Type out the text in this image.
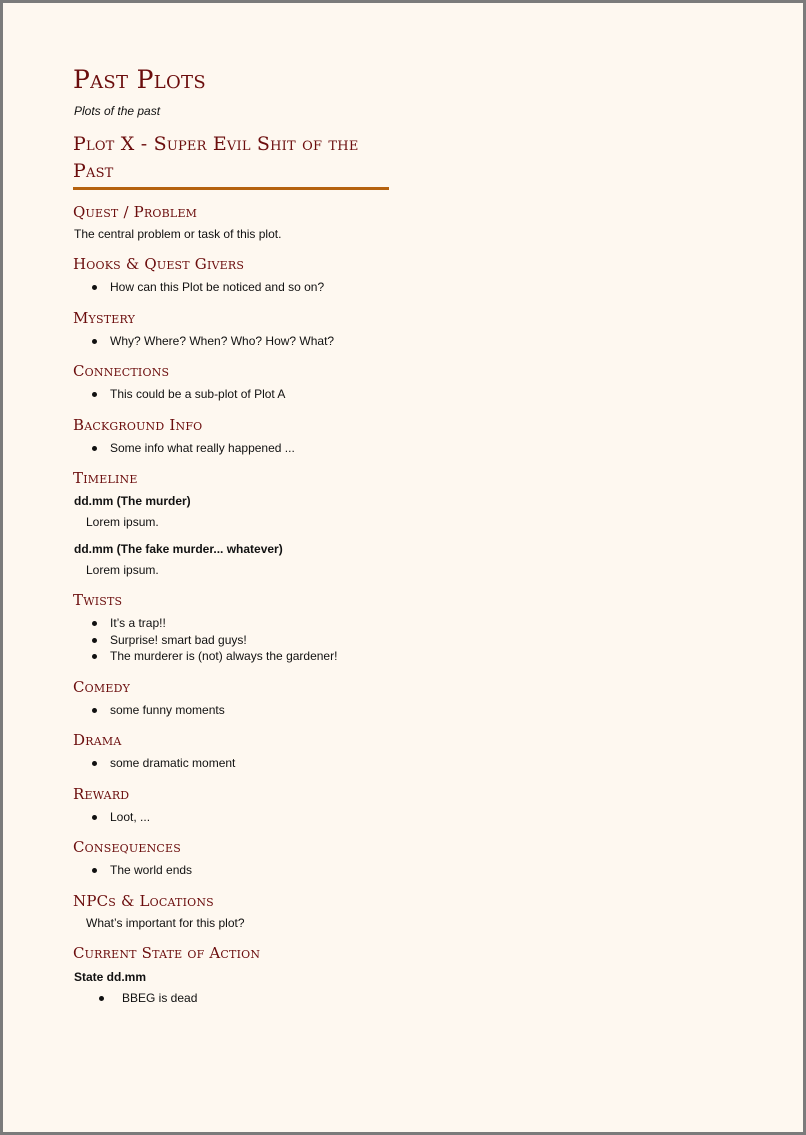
Past Plots
Plots of the past
Plot X - Super Evil Shit of the Past
Quest / Problem
The central problem or task of this plot.
Hooks & Quest Givers
How can this Plot be noticed and so on?
Mystery
Why? Where? When? Who? How? What?
Connections
This could be a sub-plot of Plot A
Background Info
Some info what really happened ...
Timeline
dd.mm (The murder)
Lorem ipsum.
dd.mm (The fake murder... whatever)
Lorem ipsum.
Twists
It’s a trap!!
Surprise! smart bad guys!
The murderer is (not) always the gardener!
Comedy
some funny moments
Drama
some dramatic moment
Reward
Loot, ...
Consequences
The world ends
NPCs & Locations
What’s important for this plot?
Current State of Action
State dd.mm
BBEG is dead
